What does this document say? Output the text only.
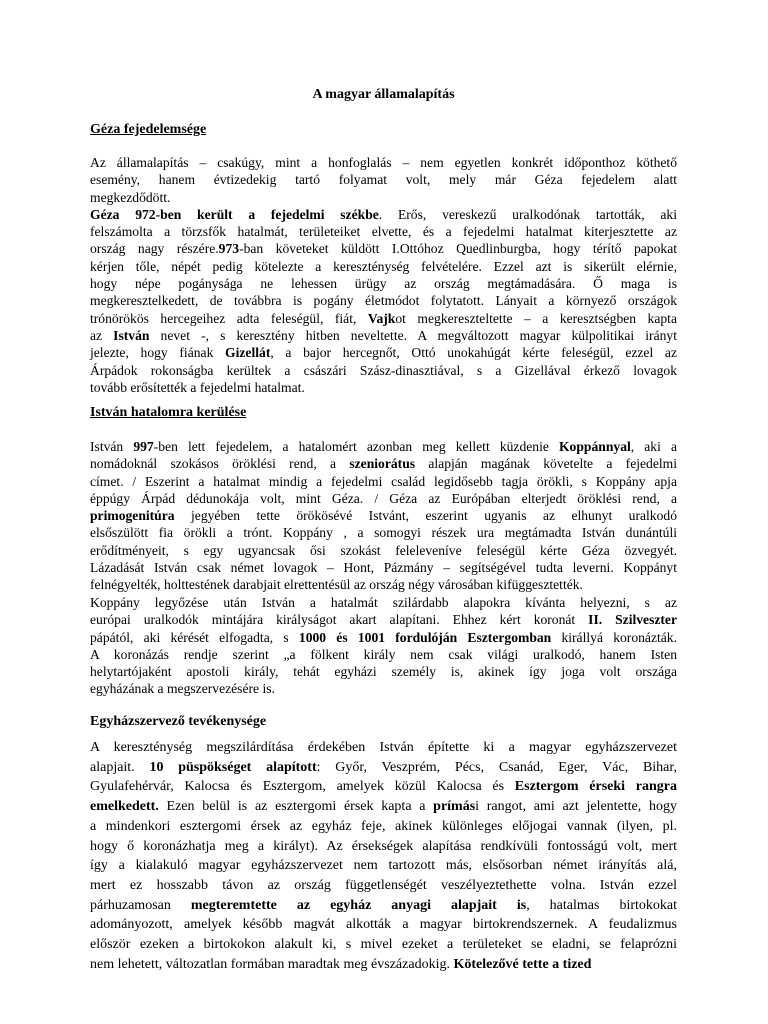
A magyar államalapítás
Géza fejedelemsége
Az államalapítás – csakúgy, mint a honfoglalás – nem egyetlen konkrét időponthoz köthető
esemény, hanem évtizedekig tartó folyamat volt, mely már Géza fejedelem alatt
megkezdődött.
Géza 972-ben került a fejedelmi székbe. Erős, vereskezű uralkodónak tartották, aki
felszámolta a törzsfők hatalmát, területeiket elvette, és a fejedelmi hatalmat kiterjesztette az
ország nagy részére.973-ban követeket küldött I.Ottóhoz Quedlinburgba, hogy térítő papokat
kérjen tőle, népét pedig kötelezte a kereszténység felvételére. Ezzel azt is sikerült elérnie,
hogy népe pogánysága ne lehessen ürügy az ország megtámadására. Ő maga is
megkeresztelkedett, de továbbra is pogány életmódot folytatott. Lányait a környező országok
trónörökös hercegeihez adta feleségül, fiát, Vajkot megkereszteltette – a keresztségben kapta
az István nevet -, s keresztény hitben neveltette. A megváltozott magyar külpolitikai irányt
jelezte, hogy fiának Gizellát, a bajor hercegnőt, Ottó unokahúgát kérte feleségül, ezzel az
Árpádok rokonságba kerültek a császári Szász-dinasztiával, s a Gizellával érkező lovagok
tovább erősítették a fejedelmi hatalmat.
István hatalomra kerülése
István 997-ben lett fejedelem, a hatalomért azonban meg kellett küzdenie Koppánnyal, aki a
nomádoknál szokásos öröklési rend, a szeniorátus alapján magának követelte a fejedelmi
címet. / Eszerint a hatalmat mindig a fejedelmi család legidősebb tagja örökli, s Koppány apja
éppúgy Árpád dédunokája volt, mint Géza. / Géza az Európában elterjedt öröklési rend, a
primogenitúra jegyében tette örökösévé Istvánt, eszerint ugyanis az elhunyt uralkodó
elsőszülött fia örökli a trónt. Koppány , a somogyi részek ura megtámadta István dunántúli
erődítményeit, s egy ugyancsak ősi szokást feleleveníve feleségül kérte Géza özvegyét.
Lázadását István csak német lovagok – Hont, Pázmány – segítségével tudta leverni. Koppányt
felnégyelték, holttestének darabjait elrettentésül az ország négy városában kifüggesztették.
Koppány legyőzése után István a hatalmát szilárdabb alapokra kívánta helyezni, s az
európai uralkodók mintájára királyságot akart alapítani. Ehhez kért koronát II. Szilveszter
pápától, aki kérését elfogadta, s 1000 és 1001 fordulóján Esztergomban királlyá koronázták.
A koronázás rendje szerint „a fölkent király nem csak világi uralkodó, hanem Isten
helytartójaként apostoli király, tehát egyházi személy is, akinek így joga volt országa
egyházának a megszervezésére is.
Egyházszervező tevékenysége
A kereszténység megszilárdítása érdekében István építette ki a magyar egyházszervezet
alapjait. 10 püspökséget alapított: Győr, Veszprém, Pécs, Csanád, Eger, Vác, Bihar,
Gyulafehérvár, Kalocsa és Esztergom, amelyek közül Kalocsa és Esztergom érseki rangra
emelkedett. Ezen belül is az esztergomi érsek kapta a prímási rangot, ami azt jelentette, hogy
a mindenkori esztergomi érsek az egyház feje, akinek különleges előjogai vannak (ilyen, pl.
hogy ő koronázhatja meg a királyt). Az érsekségek alapítása rendkívüli fontosságú volt, mert
így a kialakuló magyar egyházszervezet nem tartozott más, elsősorban német irányítás alá,
mert ez hosszabb távon az ország függetlenségét veszélyeztethette volna. István ezzel
párhuzamosan megteremtette az egyház anyagi alapjait is, hatalmas birtokokat
adományozott, amelyek később magvát alkották a magyar birtokrendszernek. A feudalizmus
először ezeken a birtokokon alakult ki, s mivel ezeket a területeket se eladni, se felaprózni
nem lehetett, változatlan formában maradtak meg évszázadokig. Kötelezővé tette a tized
